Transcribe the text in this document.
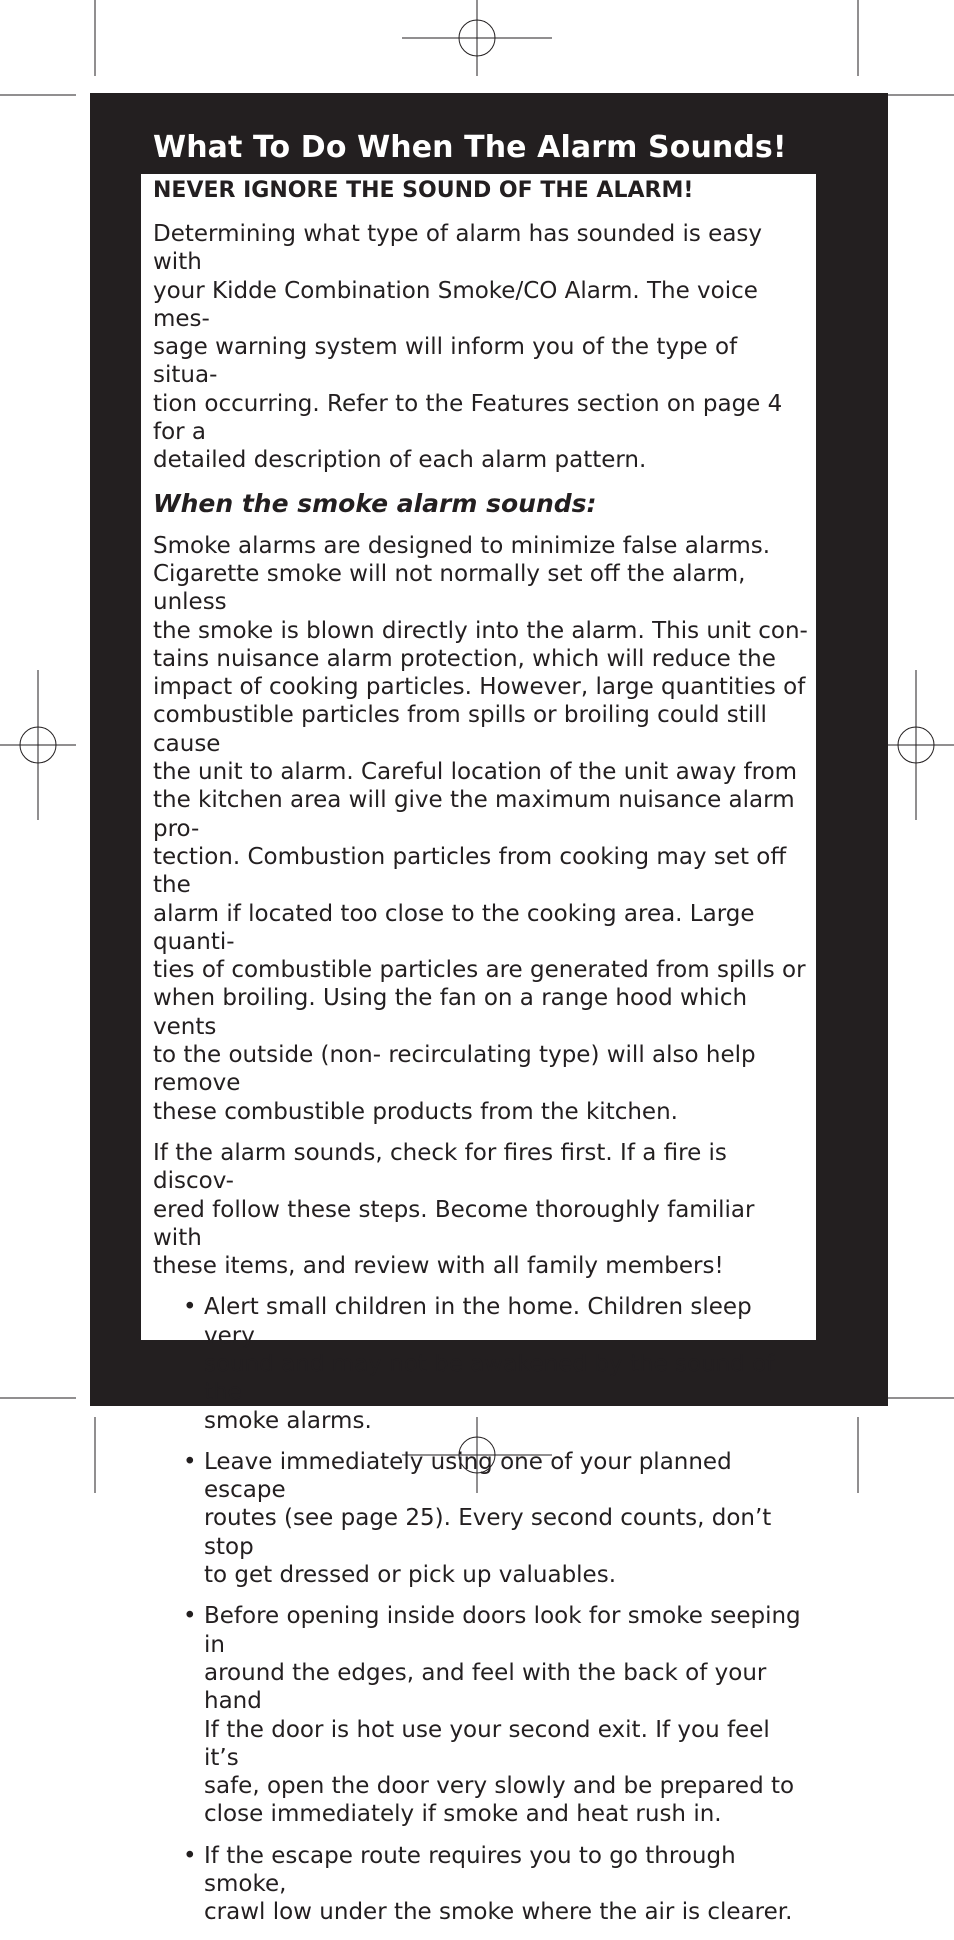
What To Do When The Alarm Sounds!

NEVER IGNORE THE SOUND OF THE ALARM!

Determining what type of alarm has sounded is easy with
your Kidde Combination Smoke/CO Alarm. The voice mes-
sage warning system will inform you of the type of situa-
tion occurring. Refer to the Features section on page 4 for a
detailed description of each alarm pattern.

When the smoke alarm sounds:

Smoke alarms are designed to minimize false alarms.
Cigarette smoke will not normally set off the alarm, unless
the smoke is blown directly into the alarm. This unit con-
tains nuisance alarm protection, which will reduce the
impact of cooking particles. However, large quantities of
combustible particles from spills or broiling could still cause
the unit to alarm. Careful location of the unit away from
the kitchen area will give the maximum nuisance alarm pro-
tection. Combustion particles from cooking may set off the
alarm if located too close to the cooking area. Large quanti-
ties of combustible particles are generated from spills or
when broiling. Using the fan on a range hood which vents
to the outside (non- recirculating type) will also help remove
these combustible products from the kitchen.

If the alarm sounds, check for fires first. If a fire is discov-
ered follow these steps. Become thoroughly familiar with
these items, and review with all family members!

• Alert small children in the home. Children sleep very
sound and may not be awakened by the sound of the
smoke alarms.
• Leave immediately using one of your planned escape
routes (see page 25). Every second counts, don’t stop
to get dressed or pick up valuables.
• Before opening inside doors look for smoke seeping in
around the edges, and feel with the back of your hand
If the door is hot use your second exit. If you feel it’s
safe, open the door very slowly and be prepared to
close immediately if smoke and heat rush in.
• If the escape route requires you to go through smoke,
crawl low under the smoke where the air is clearer.
